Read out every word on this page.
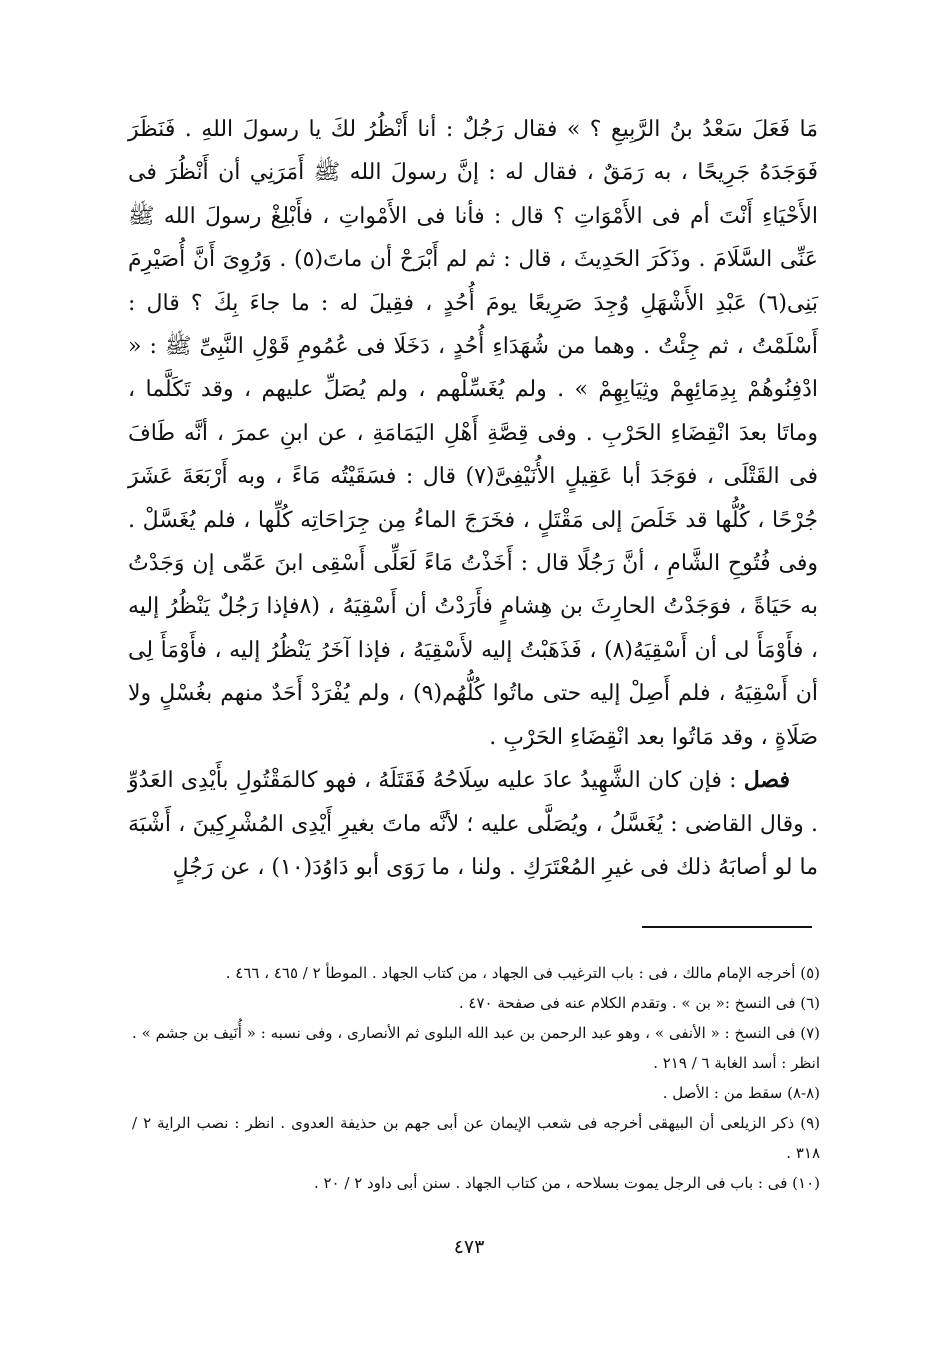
مَا فَعَلَ سَعْدُ بنُ الرَّبِيعِ ؟ » فقال رَجُلٌ : أنا أَنْظُرُ لكَ يا رسولَ اللهِ . فَنَظَرَ فَوَجَدَهُ جَرِيحًا ، به رَمَقٌ ، فقال له : إنَّ رسولَ الله ﷺ أَمَرَنِي أن أَنْظُرَ فى الأَحْيَاءِ أَنْتَ أم فى الأَمْوَاتِ ؟ قال : فأنا فى الأَمْواتِ ، فأَبْلِغْ رسولَ الله ﷺ عَنِّى السَّلَامَ . وذَكَرَ الحَدِيثَ ، قال : ثم لم أَبْرَحْ أن ماتَ(٥) . وَرُوِىَ أَنَّ أُصَيْرِمَ بَنِى(٦) عَبْدِ الأَشْهَلِ وُجِدَ صَرِيعًا يومَ أُحُدٍ ، فقِيلَ له : ما جاءَ بِكَ ؟ قال : أَسْلَمْتُ ، ثم جِئْتُ . وهما من شُهَدَاءِ أُحُدٍ ، دَخَلَا فى عُمُومِ قَوْلِ النَّبِىِّ ﷺ : « ادْفِنُوهُمْ بِدِمَائِهِمْ وثِيَابِهِمْ » . ولم يُغَسِّلْهم ، ولم يُصَلِّ عليهم ، وقد تَكَلَّما ، وماتَا بعدَ انْقِضَاءِ الحَرْبِ . وفى قِصَّةِ أَهْلِ اليَمَامَةِ ، عن ابنِ عمرَ ، أنَّه طَافَ فى القَتْلَى ، فوَجَدَ أبا عَقِيلٍ الأُنَيْفِىَّ(٧) قال : فسَقَيْتُه مَاءً ، وبه أَرْبَعَةَ عَشَرَ جُرْحًا ، كُلُّها قد خَلَصَ إلى مَقْتَلٍ ، فخَرَجَ الماءُ مِن جِرَاحَاتِه كُلِّها ، فلم يُغَسَّلْ . وفى فُتُوحِ الشَّامِ ، أنَّ رَجُلًا قال : أَخَذْتُ مَاءً لَعَلِّى أَسْقِى ابنَ عَمِّى إن وَجَدْتُ به حَيَاةً ، فوَجَدْتُ الحارِثَ بن هِشامٍ فأَرَدْتُ أن أَسْقِيَهُ ، (٨فإذا رَجُلٌ يَنْظُرُ إليه ، فأَوْمَأَ لى أن أَسْقِيَهُ(٨) ، فَذَهَبْتُ إليه لأَسْقِيَهُ ، فإذا آخَرُ يَنْظُرُ إليه ، فأَوْمَأَ لِى أن أَسْقِيَهُ ، فلم أَصِلْ إليه حتى ماتُوا كُلُّهُم(٩) ، ولم يُفْرَدْ أَحَدٌ منهم بغُسْلٍ ولا صَلَاةٍ ، وقد مَاتُوا بعد انْقِضَاءِ الحَرْبِ .

فصل : فإن كان الشَّهِيدُ عادَ عليه سِلَاحُهُ فَقَتَلَهُ ، فهو كالمَقْتُولِ بأَيْدِى العَدُوِّ . وقال القاضى : يُغَسَّلُ ، ويُصَلَّى عليه ؛ لأنَّه ماتَ بغيرِ أَيْدِى المُشْرِكِينَ ، أَشْبَهَ ما لو أصابَهُ ذلك فى غيرِ المُعْتَرَكِ . ولنا ، ما رَوَى أبو دَاوُدَ(١٠) ، عن رَجُلٍ

(٥) أخرجه الإمام مالك ، فى : باب الترغيب فى الجهاد ، من كتاب الجهاد . الموطأ ٢ / ٤٦٥ ، ٤٦٦ .

(٦) فى النسخ :« بن » . وتقدم الكلام عنه فى صفحة ٤٧٠ .

(٧) فى النسخ : « الأنفى » ، وهو عبد الرحمن بن عبد الله البلوى ثم الأنصارى ، وفى نسبه : « أُنَيف بن جشم » . انظر : أسد الغابة ٦ / ٢١٩ .

(٨-٨) سقط من : الأصل .

(٩) ذكر الزيلعى أن البيهقى أخرجه فى شعب الإيمان عن أبى جهم بن حذيفة العدوى . انظر : نصب الراية ٢ / ٣١٨ .

(١٠) فى : باب فى الرجل يموت بسلاحه ، من كتاب الجهاد . سنن أبى داود ٢ / ٢٠ .

٤٧٣
